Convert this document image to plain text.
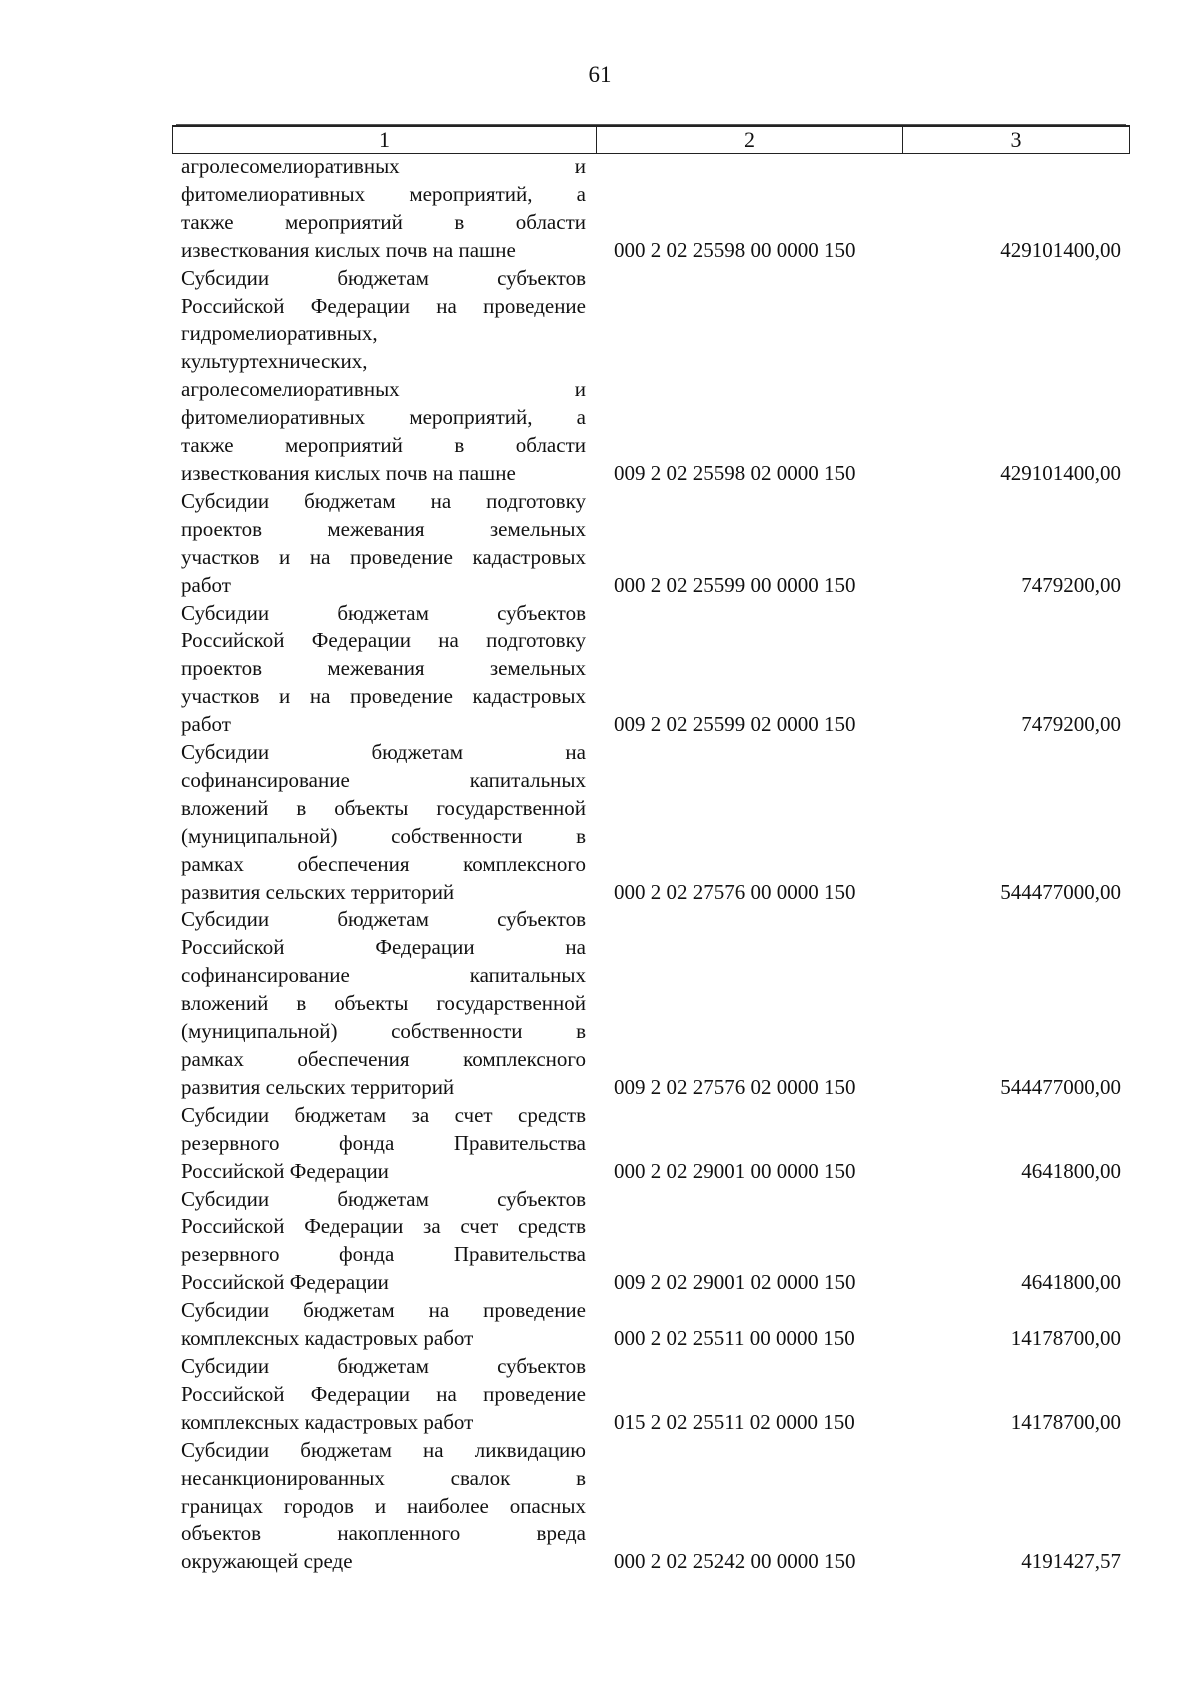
61
1	2	3
агролесомелиоративных и
фитомелиоративных мероприятий, а
также мероприятий в области
известкования кислых почв на пашне	000 2 02 25598 00 0000 150	429101400,00
Субсидии бюджетам субъектов
Российской Федерации на проведение
гидромелиоративных,
культуртехнических,
агролесомелиоративных и
фитомелиоративных мероприятий, а
также мероприятий в области
известкования кислых почв на пашне	009 2 02 25598 02 0000 150	429101400,00
Субсидии бюджетам на подготовку
проектов межевания земельных
участков и на проведение кадастровых
работ	000 2 02 25599 00 0000 150	7479200,00
Субсидии бюджетам субъектов
Российской Федерации на подготовку
проектов межевания земельных
участков и на проведение кадастровых
работ	009 2 02 25599 02 0000 150	7479200,00
Субсидии бюджетам на
софинансирование капитальных
вложений в объекты государственной
(муниципальной) собственности в
рамках обеспечения комплексного
развития сельских территорий	000 2 02 27576 00 0000 150	544477000,00
Субсидии бюджетам субъектов
Российской Федерации на
софинансирование капитальных
вложений в объекты государственной
(муниципальной) собственности в
рамках обеспечения комплексного
развития сельских территорий	009 2 02 27576 02 0000 150	544477000,00
Субсидии бюджетам за счет средств
резервного фонда Правительства
Российской Федерации	000 2 02 29001 00 0000 150	4641800,00
Субсидии бюджетам субъектов
Российской Федерации за счет средств
резервного фонда Правительства
Российской Федерации	009 2 02 29001 02 0000 150	4641800,00
Субсидии бюджетам на проведение
комплексных кадастровых работ	000 2 02 25511 00 0000 150	14178700,00
Субсидии бюджетам субъектов
Российской Федерации на проведение
комплексных кадастровых работ	015 2 02 25511 02 0000 150	14178700,00
Субсидии бюджетам на ликвидацию
несанкционированных свалок в
границах городов и наиболее опасных
объектов накопленного вреда
окружающей среде	000 2 02 25242 00 0000 150	4191427,57
